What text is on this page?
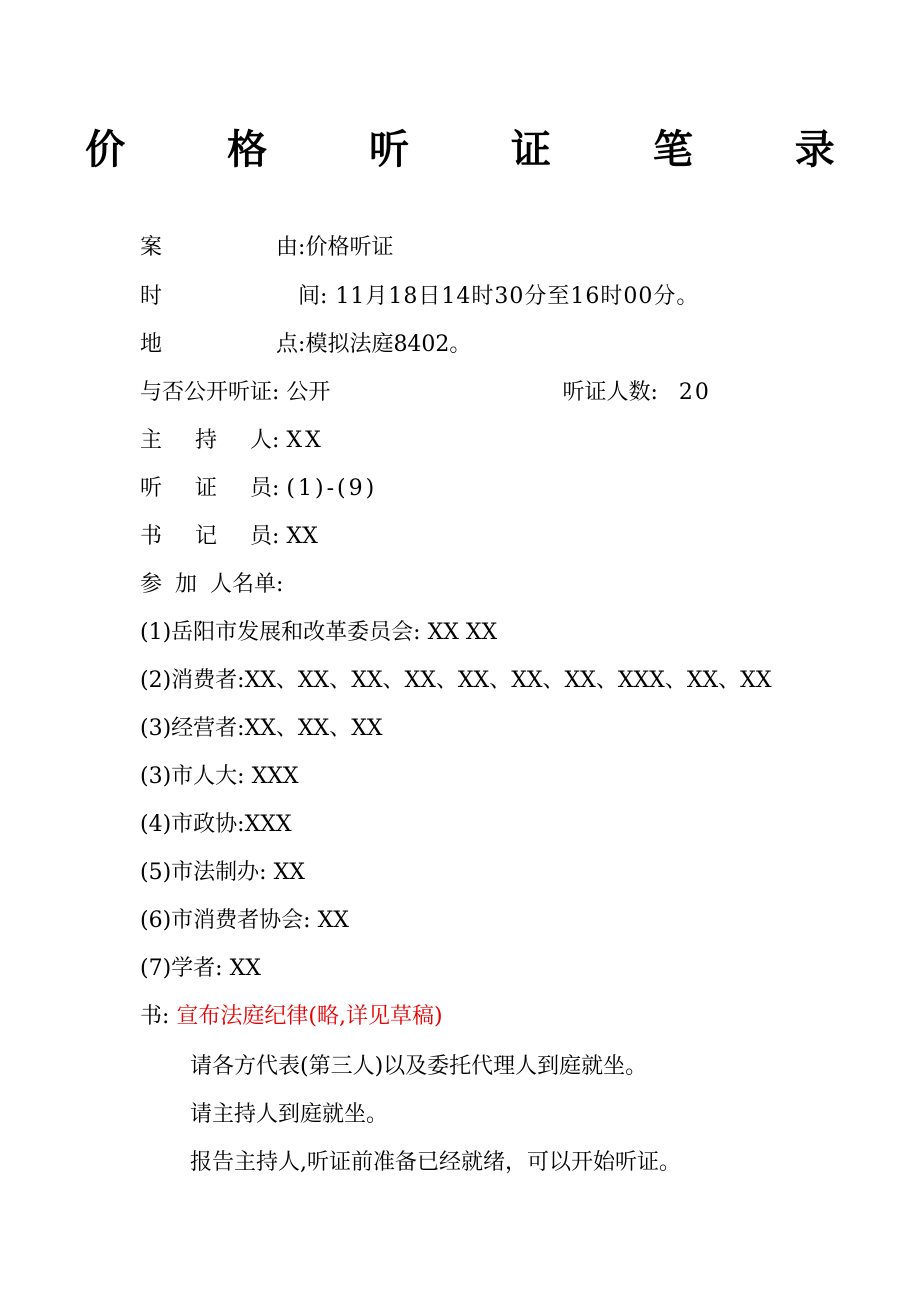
价 格 听 证 笔 录
案	由:价格听证
时	间: 11月18日14时30分至16时00分。
地	点:模拟法庭8402。
与否公开听证: 公开	听证人数: 20
主 持 人: XX
听 证 员: (1)-(9)
书 记 员: XX
参 加 人名单:
(1)岳阳市发展和改革委员会: XX XX
(2)消费者:XX、XX、XX、XX、XX、XX、XX、XXX、XX、XX
(3)经营者:XX、XX、XX
(3)市人大: XXX
(4)市政协:XXX
(5)市法制办: XX
(6)市消费者协会: XX
(7)学者: XX
书: 宣布法庭纪律(略,详见草稿)
请各方代表(第三人)以及委托代理人到庭就坐。
请主持人到庭就坐。
报告主持人,听证前准备已经就绪，可以开始听证。
